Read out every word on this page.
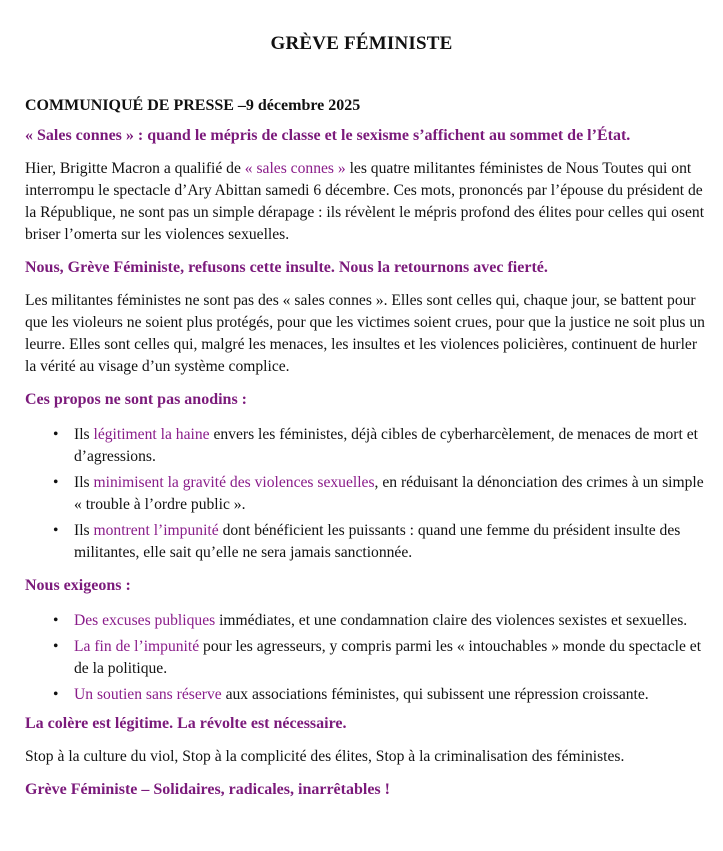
GRÈVE FÉMINISTE

COMMUNIQUÉ DE PRESSE –9 décembre 2025

« Sales connes » : quand le mépris de classe et le sexisme s’affichent au sommet de l’État.

Hier, Brigitte Macron a qualifié de « sales connes » les quatre militantes féministes de Nous Toutes qui ont interrompu le spectacle d’Ary Abittan samedi 6 décembre. Ces mots, prononcés par l’épouse du président de la République, ne sont pas un simple dérapage : ils révèlent le mépris profond des élites pour celles qui osent briser l’omerta sur les violences sexuelles.

Nous, Grève Féministe, refusons cette insulte. Nous la retournons avec fierté.

Les militantes féministes ne sont pas des « sales connes ». Elles sont celles qui, chaque jour, se battent pour que les violeurs ne soient plus protégés, pour que les victimes soient crues, pour que la justice ne soit plus un leurre. Elles sont celles qui, malgré les menaces, les insultes et les violences policières, continuent de hurler la vérité au visage d’un système complice.

Ces propos ne sont pas anodins :

• Ils légitiment la haine envers les féministes, déjà cibles de cyberharcèlement, de menaces de mort et d’agressions.
• Ils minimisent la gravité des violences sexuelles, en réduisant la dénonciation des crimes à un simple « trouble à l’ordre public ».
• Ils montrent l’impunité dont bénéficient les puissants : quand une femme du président insulte des militantes, elle sait qu’elle ne sera jamais sanctionnée.

Nous exigeons :

• Des excuses publiques immédiates, et une condamnation claire des violences sexistes et sexuelles.
• La fin de l’impunité pour les agresseurs, y compris parmi les « intouchables » monde du spectacle et de la politique.
• Un soutien sans réserve aux associations féministes, qui subissent une répression croissante.

La colère est légitime. La révolte est nécessaire.

Stop à la culture du viol, Stop à la complicité des élites, Stop à la criminalisation des féministes.

Grève Féministe – Solidaires, radicales, inarrêtables !
